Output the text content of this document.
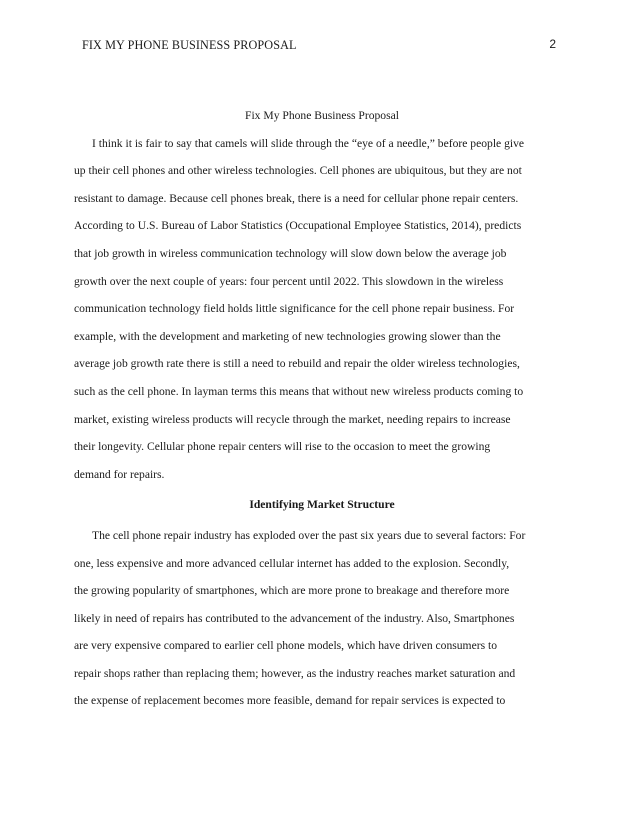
FIX MY PHONE BUSINESS PROPOSAL	2

Fix My Phone Business Proposal

I think it is fair to say that camels will slide through the “eye of a needle,” before people give
up their cell phones and other wireless technologies. Cell phones are ubiquitous, but they are not
resistant to damage. Because cell phones break, there is a need for cellular phone repair centers.
According to U.S. Bureau of Labor Statistics (Occupational Employee Statistics, 2014), predicts
that job growth in wireless communication technology will slow down below the average job
growth over the next couple of years: four percent until 2022. This slowdown in the wireless
communication technology field holds little significance for the cell phone repair business. For
example, with the development and marketing of new technologies growing slower than the
average job growth rate there is still a need to rebuild and repair the older wireless technologies,
such as the cell phone. In layman terms this means that without new wireless products coming to
market, existing wireless products will recycle through the market, needing repairs to increase
their longevity. Cellular phone repair centers will rise to the occasion to meet the growing
demand for repairs.

Identifying Market Structure

The cell phone repair industry has exploded over the past six years due to several factors: For
one, less expensive and more advanced cellular internet has added to the explosion. Secondly,
the growing popularity of smartphones, which are more prone to breakage and therefore more
likely in need of repairs has contributed to the advancement of the industry. Also, Smartphones
are very expensive compared to earlier cell phone models, which have driven consumers to
repair shops rather than replacing them; however, as the industry reaches market saturation and
the expense of replacement becomes more feasible, demand for repair services is expected to
